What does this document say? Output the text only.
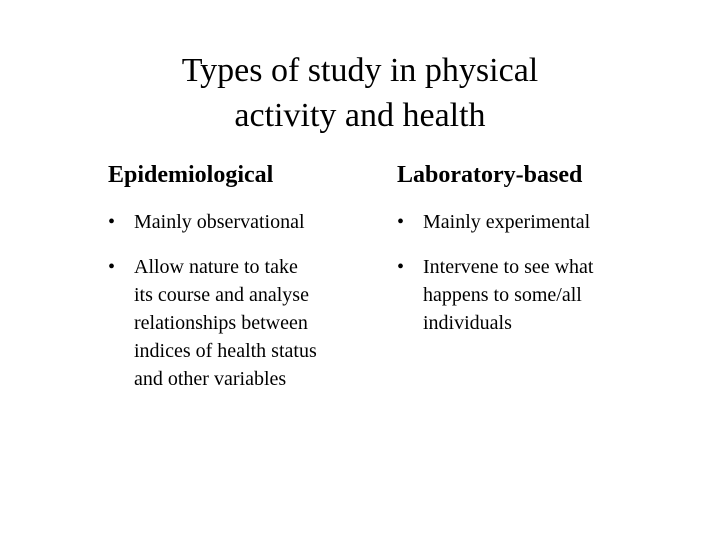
Types of study in physical
activity and health
Epidemiological
• Mainly observational
• Allow nature to take
its course and analyse
relationships between
indices of health status
and other variables
Laboratory-based
• Mainly experimental
• Intervene to see what
happens to some/all
individuals
